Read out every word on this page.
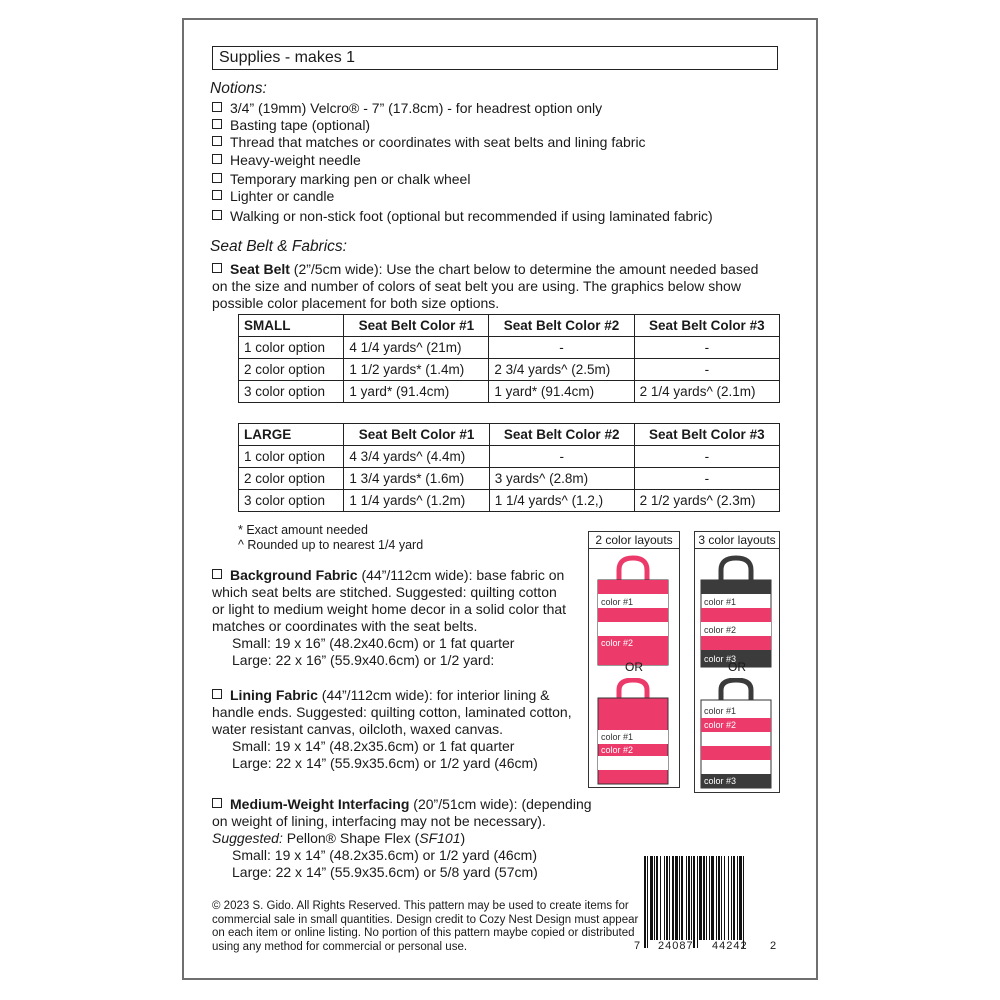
Supplies - makes 1
Notions:
3/4” (19mm) Velcro® - 7” (17.8cm) - for headrest option only
Basting tape (optional)
Thread that matches or coordinates with seat belts and lining fabric
Heavy-weight needle
Temporary marking pen or chalk wheel
Lighter or candle
Walking or non-stick foot (optional but recommended if using laminated fabric)
Seat Belt & Fabrics:
Seat Belt (2”/5cm wide): Use the chart below to determine the amount needed based
on the size and number of colors of seat belt you are using. The graphics below show
possible color placement for both size options.
SMALL	Seat Belt Color #1	Seat Belt Color #2	Seat Belt Color #3
1 color option	4 1/4 yards^ (21m)	-	-
2 color option	1 1/2 yards* (1.4m)	2 3/4 yards^ (2.5m)	-
3 color option	1 yard* (91.4cm)	1 yard* (91.4cm)	2 1/4 yards^ (2.1m)
LARGE	Seat Belt Color #1	Seat Belt Color #2	Seat Belt Color #3
1 color option	4 3/4 yards^ (4.4m)	-	-
2 color option	1 3/4 yards* (1.6m)	3 yards^ (2.8m)	-
3 color option	1 1/4 yards^ (1.2m)	1 1/4 yards^ (1.2,)	2 1/2 yards^ (2.3m)
* Exact amount needed
^ Rounded up to nearest 1/4 yard
Background Fabric (44”/112cm wide): base fabric on
which seat belts are stitched. Suggested: quilting cotton
or light to medium weight home decor in a solid color that
matches or coordinates with the seat belts.
Small: 19 x 16” (48.2x40.6cm) or 1 fat quarter
Large: 22 x 16” (55.9x40.6cm) or 1/2 yard:
Lining Fabric (44”/112cm wide): for interior lining &
handle ends. Suggested: quilting cotton, laminated cotton,
water resistant canvas, oilcloth, waxed canvas.
Small: 19 x 14” (48.2x35.6cm) or 1 fat quarter
Large: 22 x 14” (55.9x35.6cm) or 1/2 yard (46cm)
Medium-Weight Interfacing (20”/51cm wide): (depending
on weight of lining, interfacing may not be necessary).
Suggested: Pellon® Shape Flex (SF101)
Small: 19 x 14” (48.2x35.6cm) or 1/2 yard (46cm)
Large: 22 x 14” (55.9x35.6cm) or 5/8 yard (57cm)
2 color layouts
color #1
color #2
OR
color #1
color #2
3 color layouts
color #1
color #2
color #3
OR
color #1
color #2
color #3
© 2023 S. Gido. All Rights Reserved. This pattern may be used to create items for
commercial sale in small quantities. Design credit to Cozy Nest Design must appear
on each item or online listing. No portion of this pattern maybe copied or distributed
using any method for commercial or personal use.	7 24087 44242 2
